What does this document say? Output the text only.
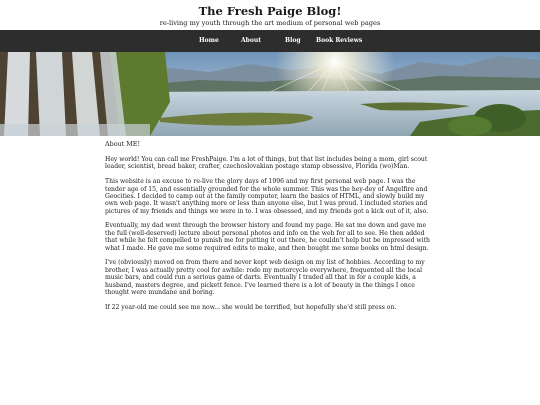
The Fresh Paige Blog!

re-living my youth through the art medium of personal web pages

Home	About	Blog	Book Reviews
About ME!

Hey world! You can call me FreshPaige. I'm a lot of things, but that list includes being a mom, girl scout leader, scientist, bread baker, crafter, czechoslovakian postage stamp obsessive, Florida (wo)Man.

This website is an excuse to re-live the glory days of 1996 and my first personal web page. I was the tender age of 15, and essentially grounded for the whole summer. This was the hey-dey of Angelfire and Geocities. I decided to camp out at the family computer, learn the basics of HTML, and slowly build my own web page. It wasn't anything more or less than anyone else, but I was proud. I included stories and pictures of my friends and things we were in to. I was obsessed, and my friends got a kick out of it, also.

Eventually, my dad went through the browser history and found my page. He sat me down and gave me the full (well-deserved) lecture about personal photos and info on the web for all to see. He then added that while he felt compelled to punish me for putting it out there, he couldn't help but be impressed with what I made. He gave me some required edits to make, and then bought me some books on html design.

I've (obviously) moved on from there and never kept web design on my list of hobbies. According to my brother, I was actually pretty cool for awhile: rode my motorcycle everywhere, frequented all the local music bars, and could run a serious game of darts. Eventually I traded all that in for a couple kids, a husband, masters degree, and pickett fence. I've learned there is a lot of beauty in the things I once thought were mundane and boring.

If 22 year-old me could see me now... she would be terrified, but hopefully she'd still press on.
